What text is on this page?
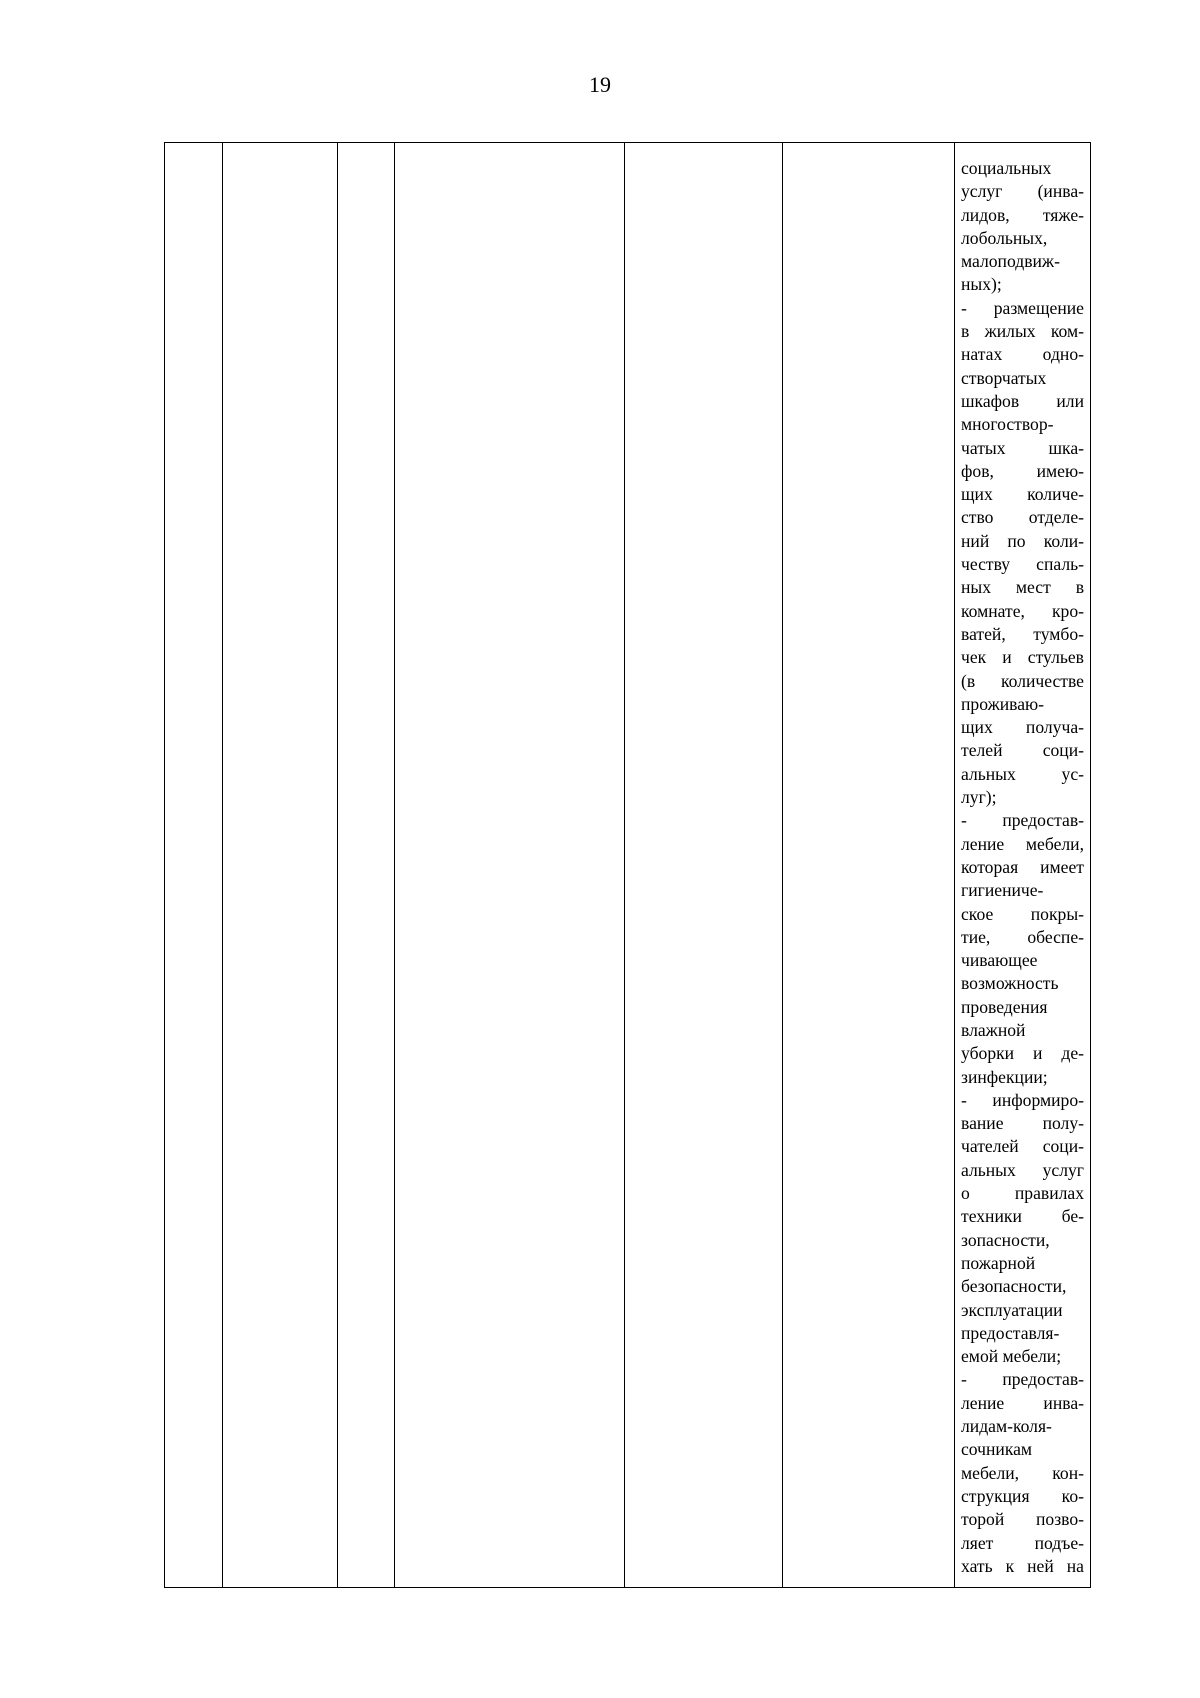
19

социальных
услуг (инва-
лидов, тяже-
лобольных,
малоподвиж-
ных);
- размещение
в жилых ком-
натах одно-
створчатых
шкафов или
многоствор-
чатых шка-
фов, имею-
щих количе-
ство отделе-
ний по коли-
честву спаль-
ных мест в
комнате, кро-
ватей, тумбо-
чек и стульев
(в количестве
проживаю-
щих получа-
телей соци-
альных ус-
луг);
- предостав-
ление мебели,
которая имеет
гигиениче-
ское покры-
тие, обеспе-
чивающее
возможность
проведения
влажной
уборки и де-
зинфекции;
- информиро-
вание полу-
чателей соци-
альных услуг
о правилах
техники бе-
зопасности,
пожарной
безопасности,
эксплуатации
предоставля-
емой мебели;
- предостав-
ление инва-
лидам-коля-
сочникам
мебели, кон-
струкция ко-
торой позво-
ляет подъе-
хать к ней на
